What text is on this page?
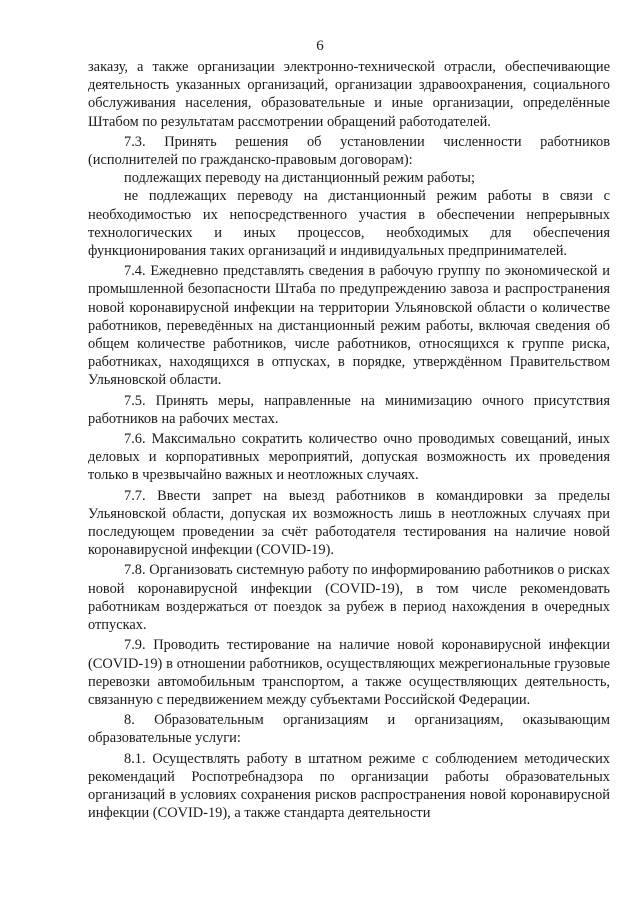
6

заказу, а также организации электронно-технической отрасли, обеспечивающие деятельность указанных организаций, организации здравоохранения, социального обслуживания населения, образовательные и иные организации, определённые Штабом по результатам рассмотрении обращений работодателей.

7.3. Принять решения об установлении численности работников (исполнителей по гражданско-правовым договорам):

подлежащих переводу на дистанционный режим работы;

не подлежащих переводу на дистанционный режим работы в связи с необходимостью их непосредственного участия в обеспечении непрерывных технологических и иных процессов, необходимых для обеспечения функционирования таких организаций и индивидуальных предпринимателей.

7.4. Ежедневно представлять сведения в рабочую группу по экономической и промышленной безопасности Штаба по предупреждению завоза и распространения новой коронавирусной инфекции на территории Ульяновской области о количестве работников, переведённых на дистанционный режим работы, включая сведения об общем количестве работников, числе работников, относящихся к группе риска, работниках, находящихся в отпусках, в порядке, утверждённом Правительством Ульяновской области.

7.5. Принять меры, направленные на минимизацию очного присутствия работников на рабочих местах.

7.6. Максимально сократить количество очно проводимых совещаний, иных деловых и корпоративных мероприятий, допуская возможность их проведения только в чрезвычайно важных и неотложных случаях.

7.7. Ввести запрет на выезд работников в командировки за пределы Ульяновской области, допуская их возможность лишь в неотложных случаях при последующем проведении за счёт работодателя тестирования на наличие новой коронавирусной инфекции (COVID-19).

7.8. Организовать системную работу по информированию работников о рисках новой коронавирусной инфекции (COVID-19), в том числе рекомендовать работникам воздержаться от поездок за рубеж в период нахождения в очередных отпусках.

7.9. Проводить тестирование на наличие новой коронавирусной инфекции (COVID-19) в отношении работников, осуществляющих межрегиональные грузовые перевозки автомобильным транспортом, а также осуществляющих деятельность, связанную с передвижением между субъектами Российской Федерации.

8. Образовательным организациям и организациям, оказывающим образовательные услуги:

8.1. Осуществлять работу в штатном режиме с соблюдением методических рекомендаций Роспотребнадзора по организации работы образовательных организаций в условиях сохранения рисков распространения новой коронавирусной инфекции (COVID-19), а также стандарта деятельности
